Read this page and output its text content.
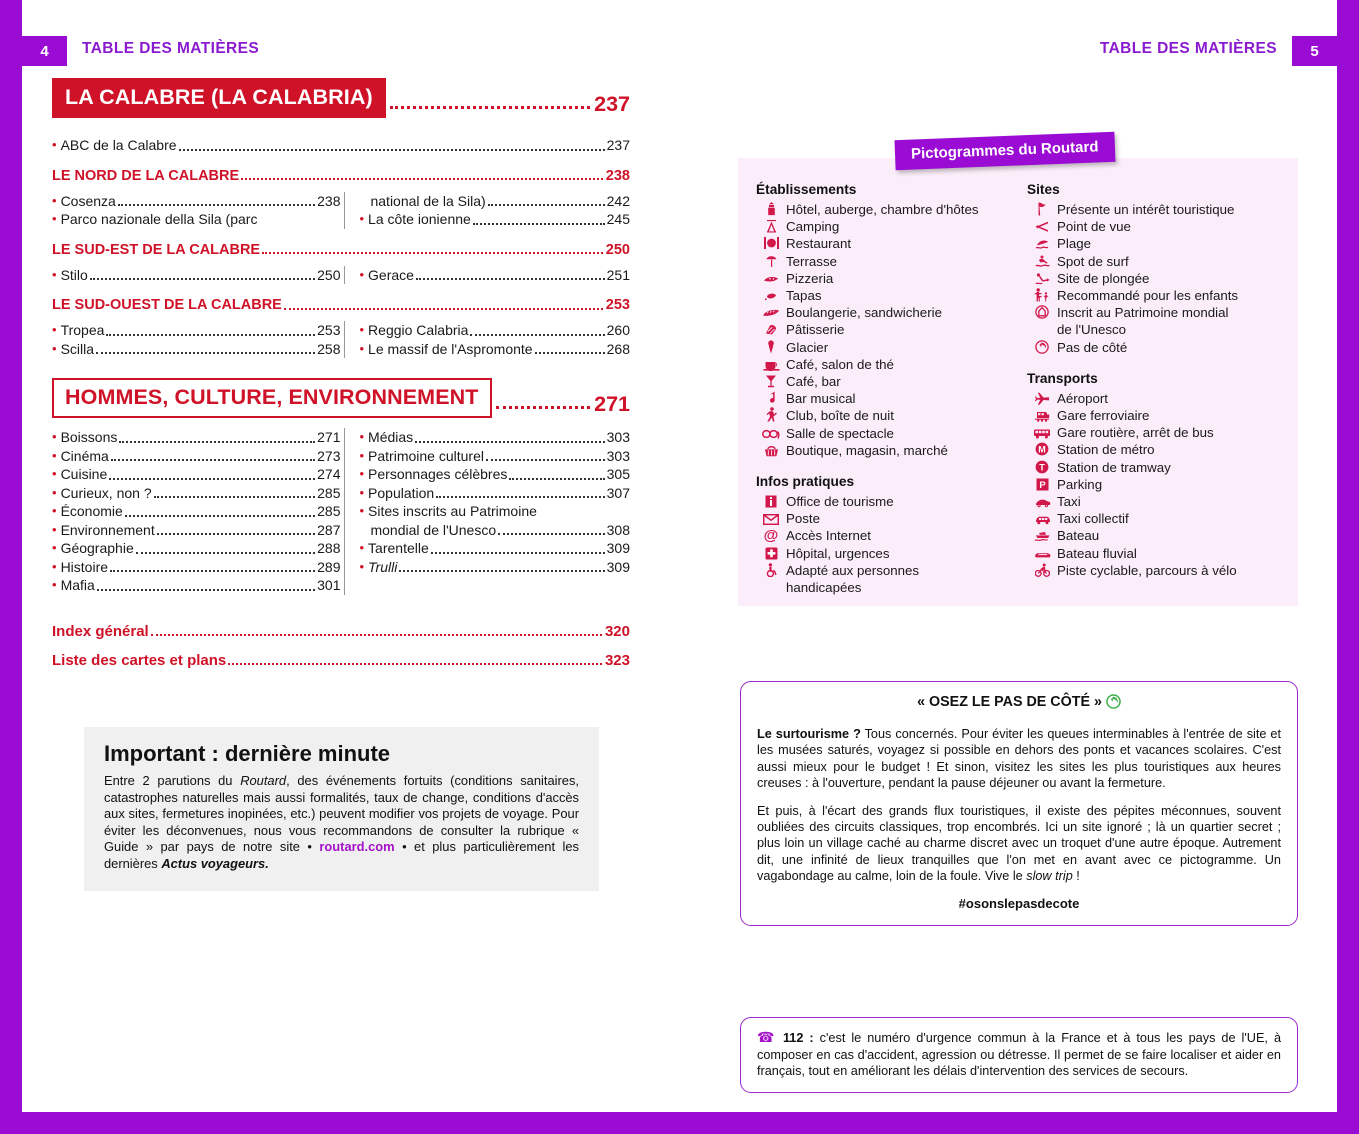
4	TABLE DES MATIÈRES	TABLE DES MATIÈRES	5
LA CALABRE (LA CALABRIA)	237
• ABC de la Calabre	237
LE NORD DE LA CALABRE	238
• Cosenza	238
• Parco nazionale della Sila (parc
national de la Sila)	242
• La côte ionienne	245
LE SUD-EST DE LA CALABRE	250
• Stilo	250 • Gerace	251
LE SUD-OUEST DE LA CALABRE	253
• Tropea	253
• Scilla	258
• Reggio Calabria	260
• Le massif de l'Aspromonte	268
HOMMES, CULTURE, ENVIRONNEMENT	271
• Boissons	271
• Cinéma	273
• Cuisine	274
• Curieux, non ?	285
• Économie	285
• Environnement	287
• Géographie	288
• Histoire	289
• Mafia	301
• Médias	303
• Patrimoine culturel	303
• Personnages célèbres	305
• Population	307
• Sites inscrits au Patrimoine
mondial de l'Unesco	308
• Tarentelle	309
• Trulli	309
Index général	320
Liste des cartes et plans	323
Important : dernière minute

Entre 2 parutions du Routard, des événements fortuits (conditions sanitaires, catastrophes naturelles mais aussi formalités, taux de change, conditions d'accès aux sites, fermetures inopinées, etc.) peuvent modifier vos projets de voyage. Pour éviter les déconvenues, nous vous recommandons de consulter la rubrique « Guide » par pays de notre site • routard.com • et plus particulièrement les dernières Actus voyageurs.

Pictogrammes du Routard
Établissements
Hôtel, auberge, chambre d'hôtes
Camping
Restaurant
Terrasse
Pizzeria
Tapas
Boulangerie, sandwicherie
Pâtisserie
Glacier
Café, salon de thé
Café, bar
Bar musical
Club, boîte de nuit
Salle de spectacle
Boutique, magasin, marché
Infos pratiques
Office de tourisme
Poste
@ Accès Internet
Hôpital, urgences
Adapté aux personnes
handicapées
Sites
Présente un intérêt touristique
Point de vue
Plage
Spot de surf
Site de plongée
Recommandé pour les enfants
Inscrit au Patrimoine mondial
de l'Unesco
Pas de côté
Transports
Aéroport
Gare ferroviaire
Gare routière, arrêt de bus
M Station de métro
T Station de tramway
P Parking
Taxi
Taxi collectif
Bateau
Bateau fluvial
Piste cyclable, parcours à vélo
« OSEZ LE PAS DE CÔTÉ »

Le surtourisme ? Tous concernés. Pour éviter les queues interminables à l'entrée de site et les musées saturés, voyagez si possible en dehors des ponts et vacances scolaires. C'est aussi mieux pour le budget ! Et sinon, visitez les sites les plus touristiques aux heures creuses : à l'ouverture, pendant la pause déjeuner ou avant la fermeture.

Et puis, à l'écart des grands flux touristiques, il existe des pépites méconnues, souvent oubliées des circuits classiques, trop encombrés. Ici un site ignoré ; là un quartier secret ; plus loin un village caché au charme discret avec un troquet d'une autre époque. Autrement dit, une infinité de lieux tranquilles que l'on met en avant avec ce pictogramme. Un vagabondage au calme, loin de la foule. Vive le slow trip !

#osonslepasdecote

☎ 112 : c'est le numéro d'urgence commun à la France et à tous les pays de l'UE, à composer en cas d'accident, agression ou détresse. Il permet de se faire localiser et aider en français, tout en améliorant les délais d'intervention des services de secours.
